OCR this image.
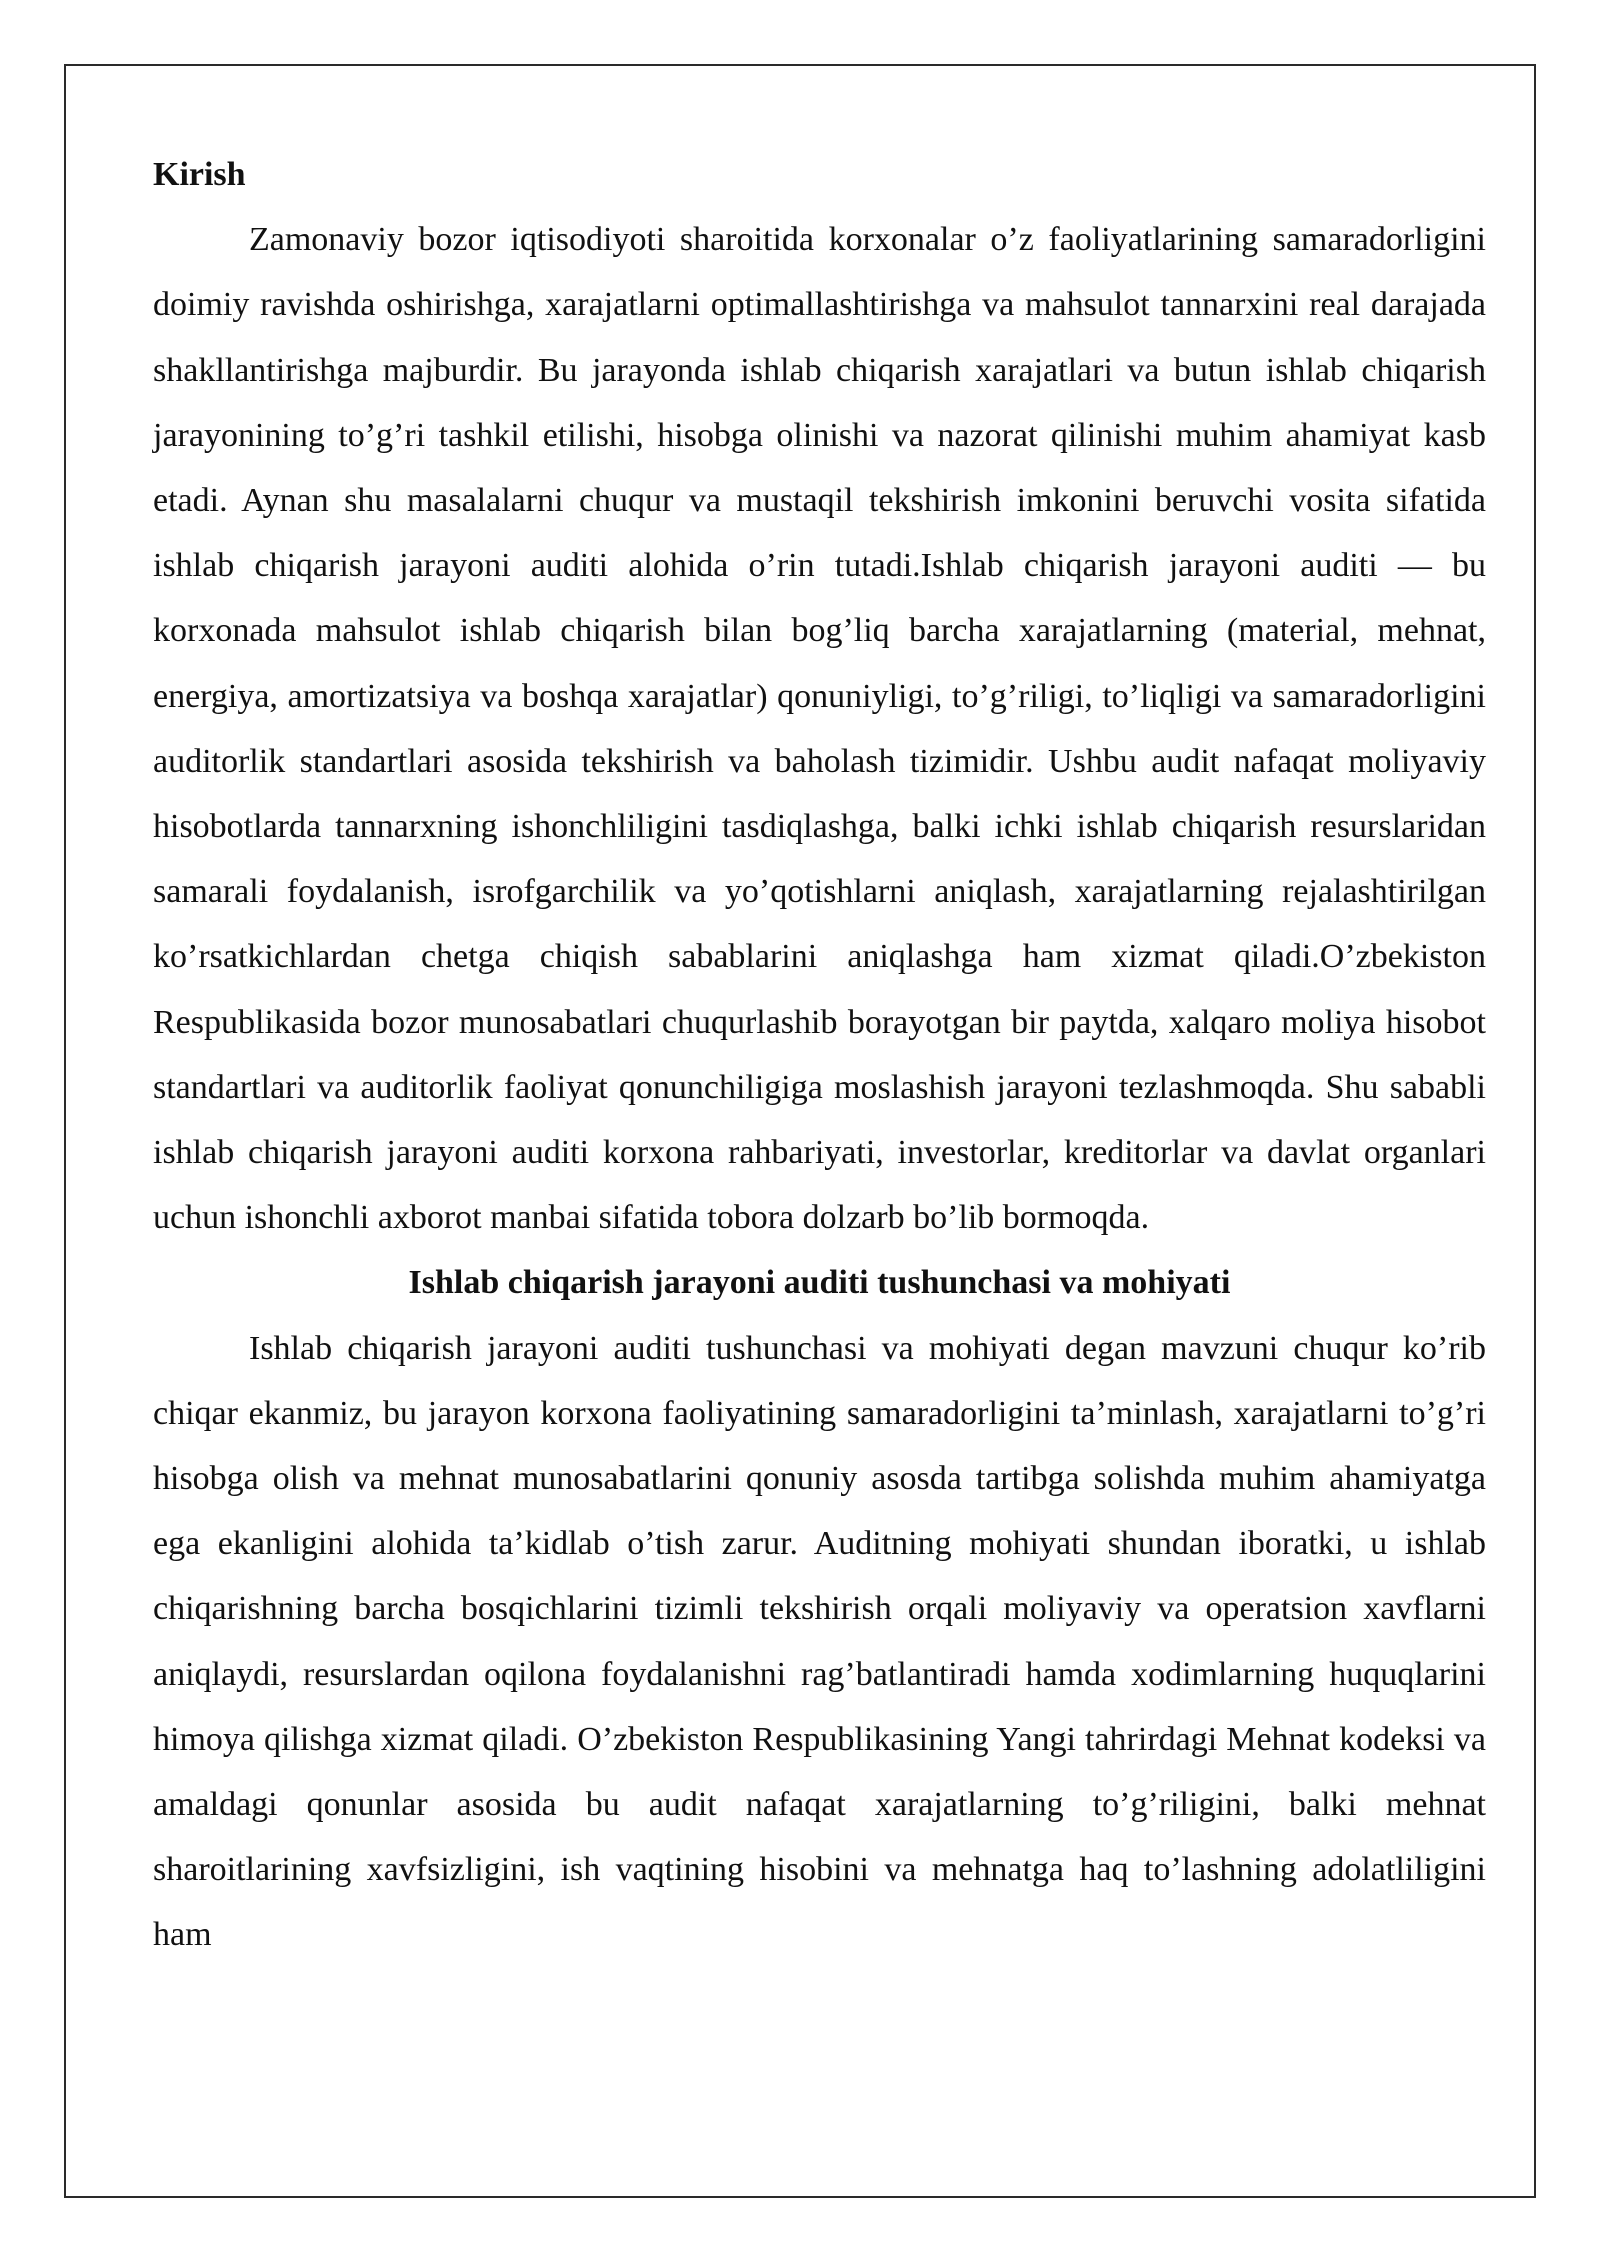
Kirish

Zamonaviy bozor iqtisodiyoti sharoitida korxonalar o’z faoliyatlarining samaradorligini doimiy ravishda oshirishga, xarajatlarni optimallashtirishga va mahsulot tannarxini real darajada shakllantirishga majburdir. Bu jarayonda ishlab chiqarish xarajatlari va butun ishlab chiqarish jarayonining to’g’ri tashkil etilishi, hisobga olinishi va nazorat qilinishi muhim ahamiyat kasb etadi. Aynan shu masalalarni chuqur va mustaqil tekshirish imkonini beruvchi vosita sifatida ishlab chiqarish jarayoni auditi alohida o’rin tutadi.Ishlab chiqarish jarayoni auditi — bu korxonada mahsulot ishlab chiqarish bilan bog’liq barcha xarajatlarning (material, mehnat, energiya, amortizatsiya va boshqa xarajatlar) qonuniyligi, to’g’riligi, to’liqligi va samaradorligini auditorlik standartlari asosida tekshirish va baholash tizimidir. Ushbu audit nafaqat moliyaviy hisobotlarda tannarxning ishonchliligini tasdiqlashga, balki ichki ishlab chiqarish resurslaridan samarali foydalanish, isrofgarchilik va yo’qotishlarni aniqlash, xarajatlarning rejalashtirilgan ko’rsatkichlardan chetga chiqish sabablarini aniqlashga ham xizmat qiladi.O’zbekiston Respublikasida bozor munosabatlari chuqurlashib borayotgan bir paytda, xalqaro moliya hisobot standartlari va auditorlik faoliyat qonunchiligiga moslashish jarayoni tezlashmoqda. Shu sababli ishlab chiqarish jarayoni auditi korxona rahbariyati, investorlar, kreditorlar va davlat organlari uchun ishonchli axborot manbai sifatida tobora dolzarb bo’lib bormoqda.

Ishlab chiqarish jarayoni auditi tushunchasi va mohiyati

Ishlab chiqarish jarayoni auditi tushunchasi va mohiyati degan mavzuni chuqur ko’rib chiqar ekanmiz, bu jarayon korxona faoliyatining samaradorligini ta’minlash, xarajatlarni to’g’ri hisobga olish va mehnat munosabatlarini qonuniy asosda tartibga solishda muhim ahamiyatga ega ekanligini alohida ta’kidlab o’tish zarur. Auditning mohiyati shundan iboratki, u ishlab chiqarishning barcha bosqichlarini tizimli tekshirish orqali moliyaviy va operatsion xavflarni aniqlaydi, resurslardan oqilona foydalanishni rag’batlantiradi hamda xodimlarning huquqlarini himoya qilishga xizmat qiladi. O’zbekiston Respublikasining Yangi tahrirdagi Mehnat kodeksi va amaldagi qonunlar asosida bu audit nafaqat xarajatlarning to’g’riligini, balki mehnat sharoitlarining xavfsizligini, ish vaqtining hisobini va mehnatga haq to’lashning adolatliligini ham
